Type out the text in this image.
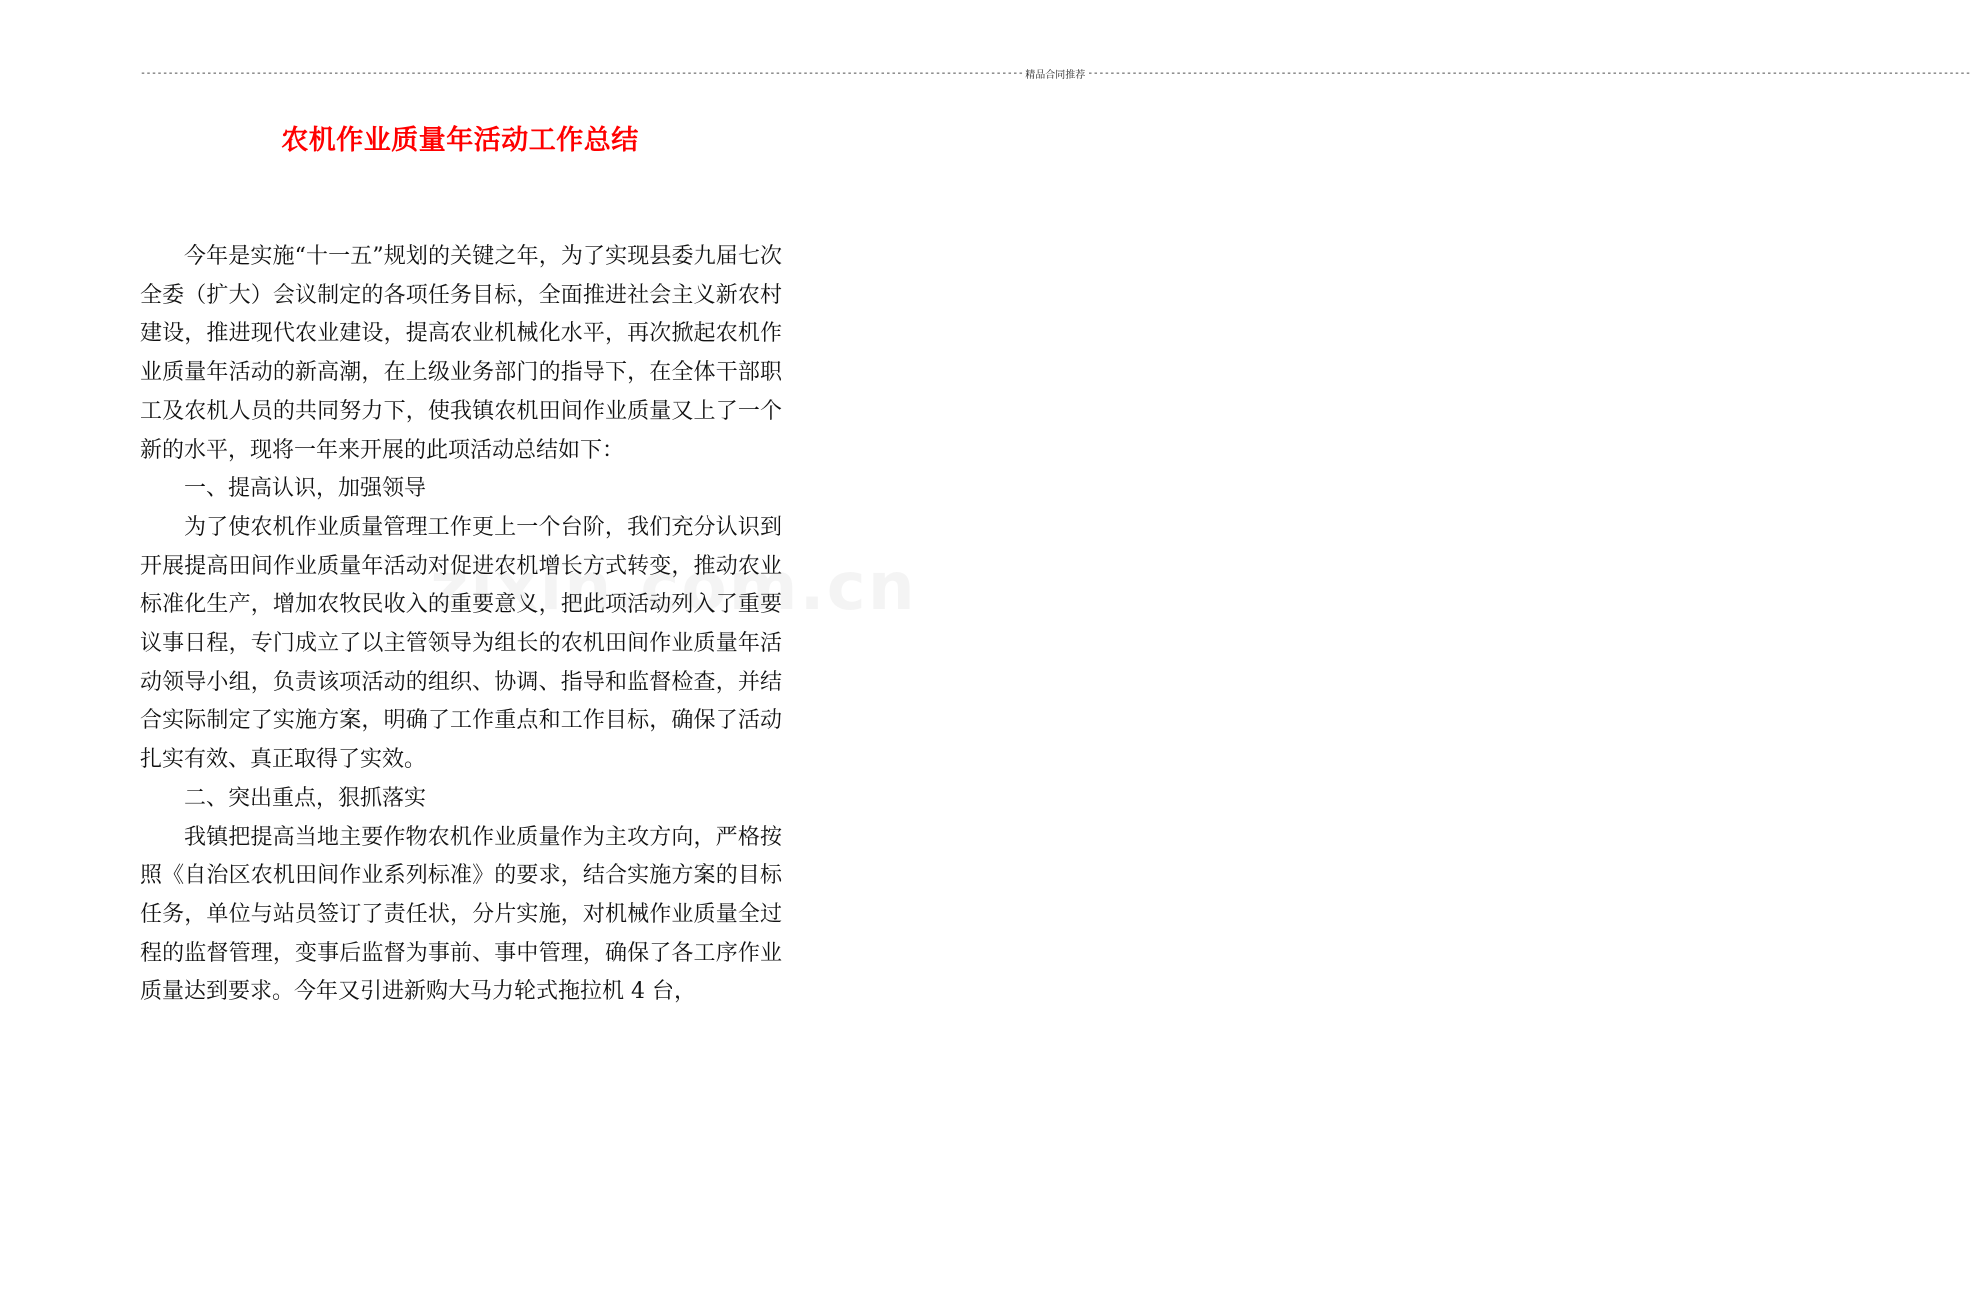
---------------------------------------------------------------------------------------------------------------------------------------------------------------- 精品合同推荐 ----------------------------------------------------------------------------------------------------------------------------------------------------------------
农机作业质量年活动工作总结

今年是实施“十一五”规划的关键之年，为了实现县委九届七次全委（扩大）会议制定的各项任务目标，全面推进社会主义新农村建设，推进现代农业建设，提高农业机械化水平，再次掀起农机作业质量年活动的新高潮，在上级业务部门的指导下，在全体干部职工及农机人员的共同努力下，使我镇农机田间作业质量又上了一个新的水平，现将一年来开展的此项活动总结如下：

一、提高认识，加强领导

为了使农机作业质量管理工作更上一个台阶，我们充分认识到开展提高田间作业质量年活动对促进农机增长方式转变，推动农业标准化生产，增加农牧民收入的重要意义，把此项活动列入了重要议事日程，专门成立了以主管领导为组长的农机田间作业质量年活动领导小组，负责该项活动的组织、协调、指导和监督检查，并结合实际制定了实施方案，明确了工作重点和工作目标，确保了活动扎实有效、真正取得了实效。

二、突出重点，狠抓落实

我镇把提高当地主要作物农机作业质量作为主攻方向，严格按照《自治区农机田间作业系列标准》的要求，结合实施方案的目标任务，单位与站员签订了责任状，分片实施，对机械作业质量全过程的监督管理，变事后监督为事前、事中管理，确保了各工序作业质量达到要求。今年又引进新购大马力轮式拖拉机 4 台，
